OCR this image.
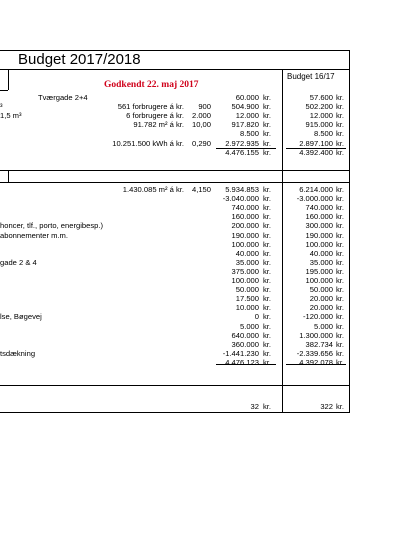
Budget 2017/2018
Budget 16/17
Godkendt 22. maj 2017
Tværgade 2+4	60.000 kr.	57.600 kr.
³	561 forbrugere á kr. 900	504.900 kr.	502.200 kr.
1,5 m³	6 forbrugere á kr. 2.000	12.000 kr.	12.000 kr.
91.782 m² á kr. 10,00	917.820 kr.	915.000 kr.
8.500 kr.	8.500 kr.
10.251.500 kWh á kr. 0,290 2.972.935 kr.	2.897.100 kr.
4.476.155 kr.	4.392.400 kr.
1.430.085 m² á kr. 4,150 5.934.853 kr.	6.214.000 kr.
-3.040.000 kr.	-3.000.000 kr.
740.000 kr.	740.000 kr.
160.000 kr.	160.000 kr.
honcer, tlf., porto, energibesp.)	200.000 kr.	300.000 kr.
abonnementer m.m.	190.000 kr.	190.000 kr.
100.000 kr.	100.000 kr.
40.000 kr.	40.000 kr.
gade 2 & 4	35.000 kr.	35.000 kr.
375.000 kr.	195.000 kr.
100.000 kr.	100.000 kr.
50.000 kr.	50.000 kr.
17.500 kr.	20.000 kr.
10.000 kr.	20.000 kr.
lse, Bøgevej	0 kr.	-120.000 kr.
5.000 kr.	5.000 kr.
640.000 kr.	1.300.000 kr.
360.000 kr.	382.734 kr.
tsdækning	-1.441.230 kr.	-2.339.656 kr.
4.476.123 kr.	4.392.078 kr.
32 kr.	322 kr.
